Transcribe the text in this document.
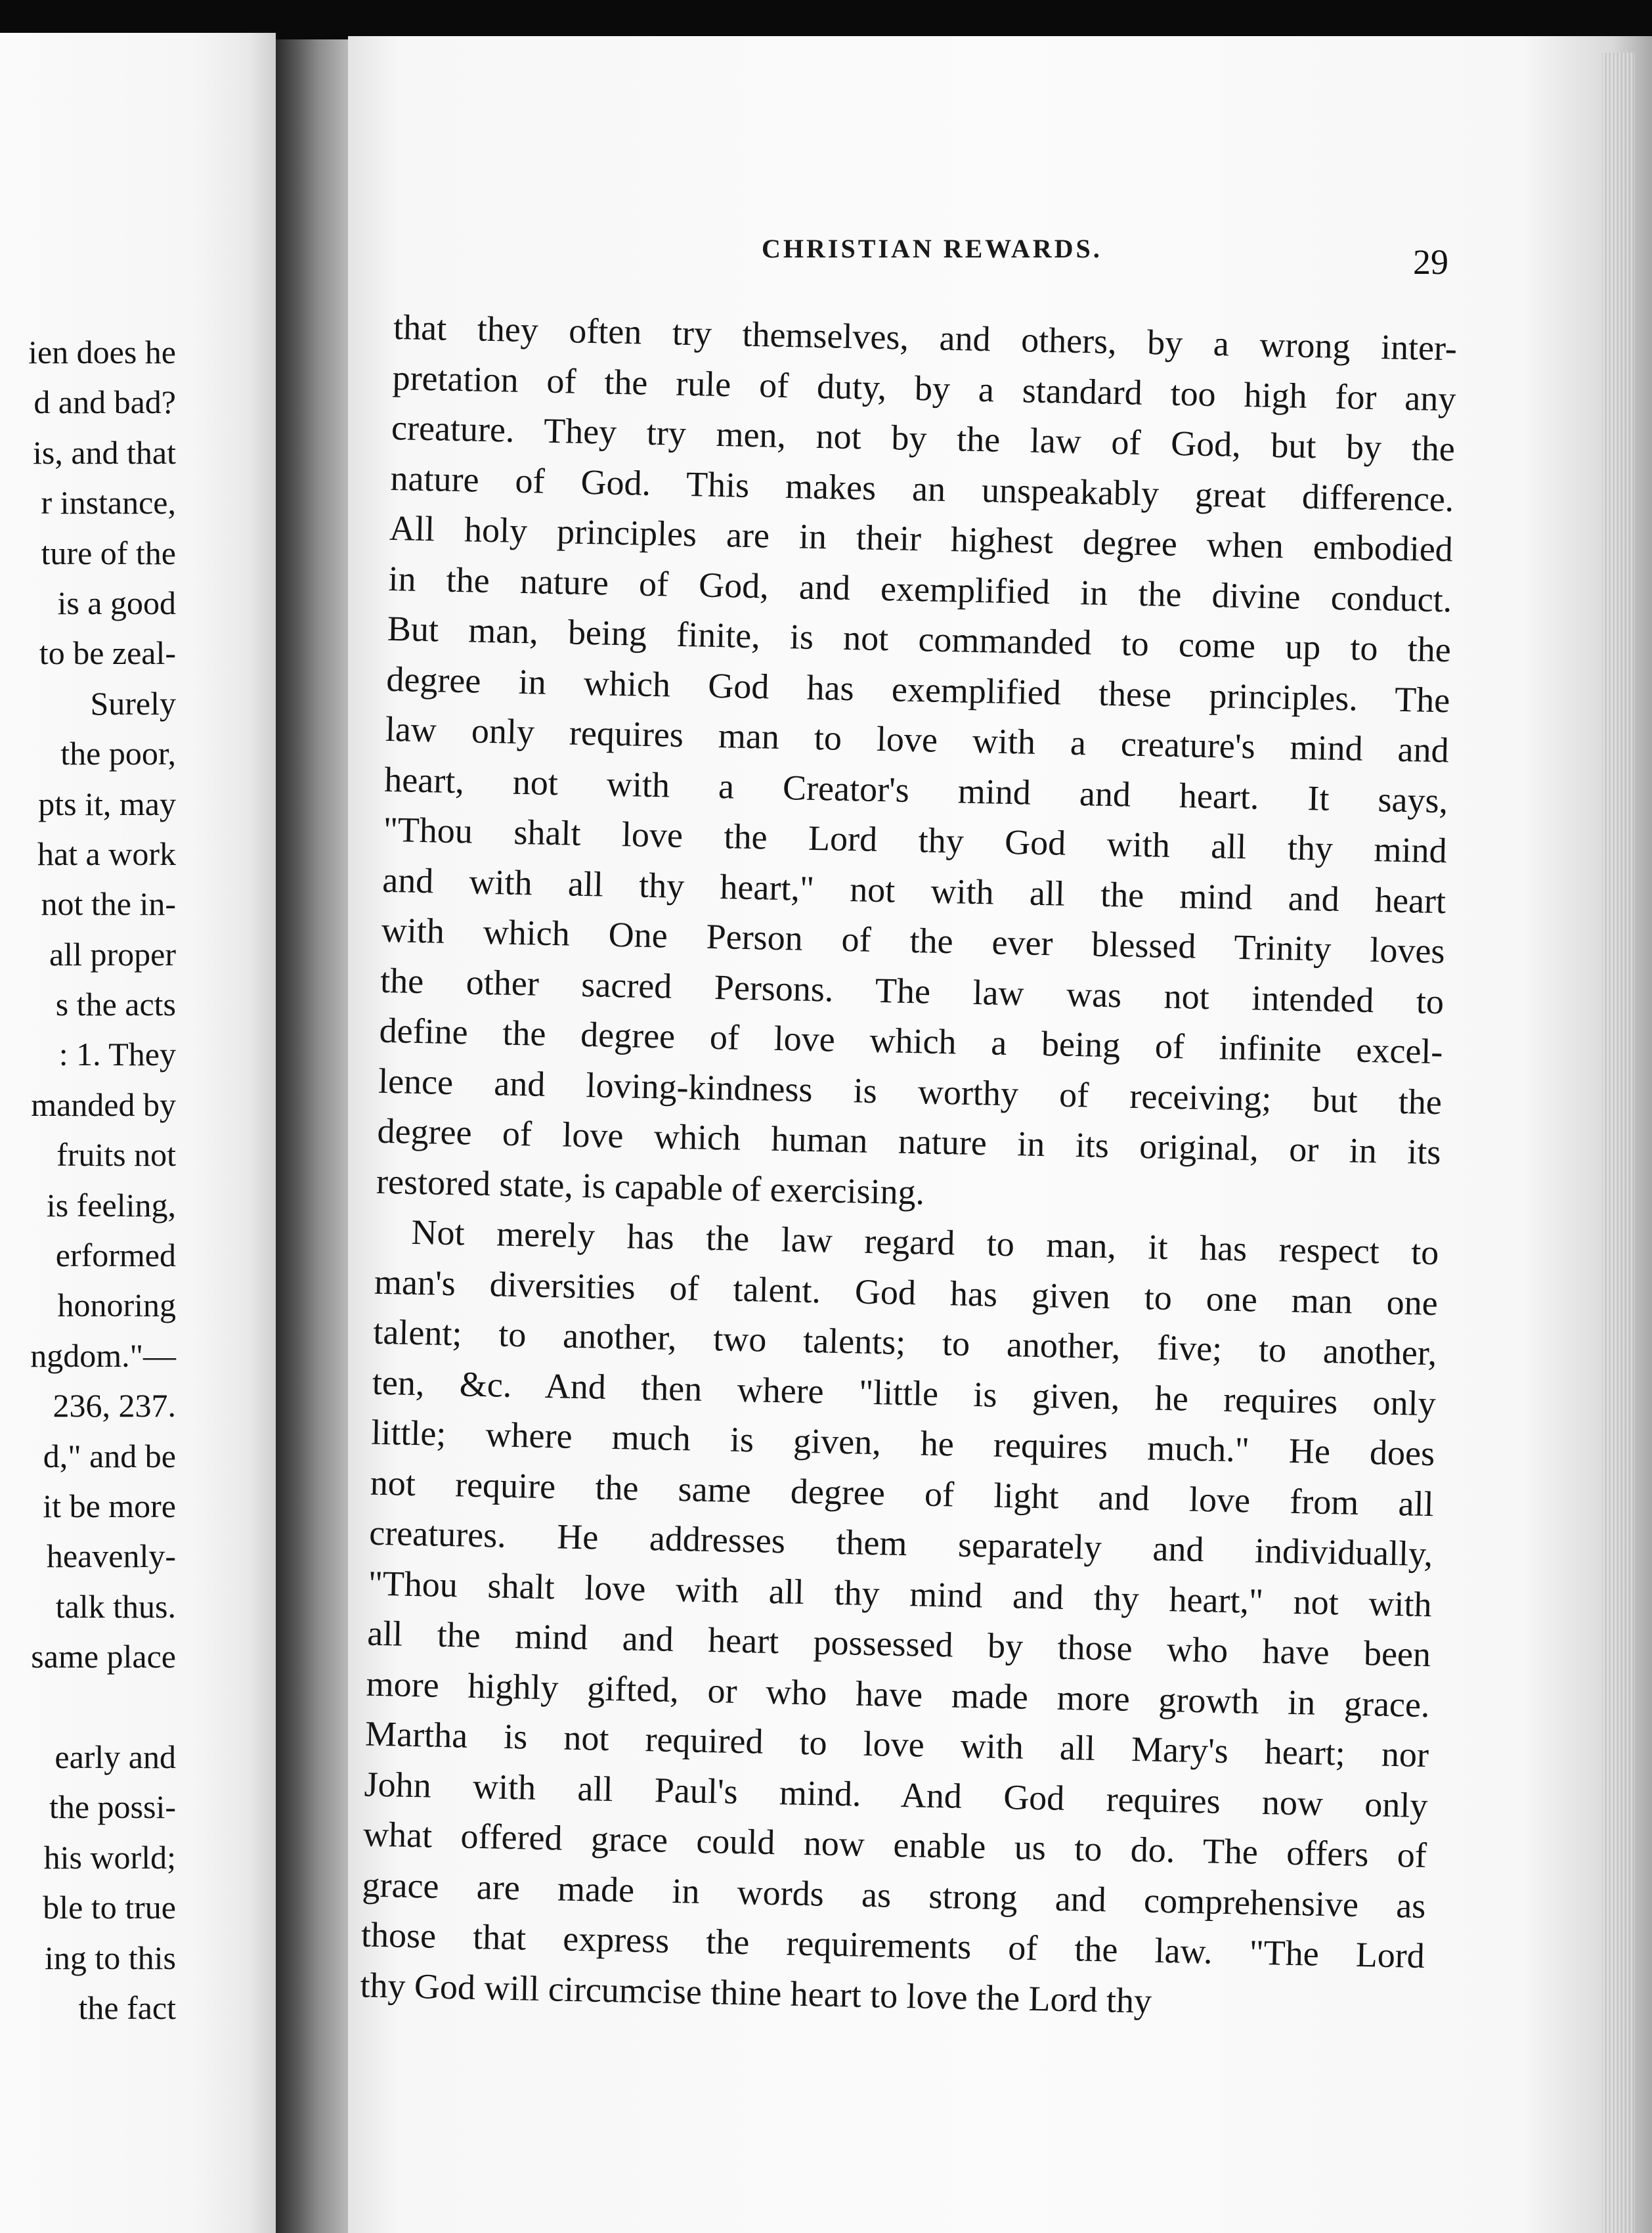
ien does he
d and bad?
is, and that
r instance,
ture of the
is a good
to be zeal-
Surely
the poor,
pts it, may
hat a work
not the in-
all proper
s the acts
: 1. They
manded by
fruits not
is feeling,
erformed
honoring
ngdom."—
236, 237.
d," and be
it be more
heavenly-
talk thus.
same place
early and
the possi-
his world;
ble to true
ing to this
the fact
CHRISTIAN REWARDS.	29
that they often try themselves, and others, by a wrong inter-
pretation of the rule of duty, by a standard too high for any
creature. They try men, not by the law of God, but by the
nature of God. This makes an unspeakably great difference.
All holy principles are in their highest degree when embodied
in the nature of God, and exemplified in the divine conduct.
But man, being finite, is not commanded to come up to the
degree in which God has exemplified these principles. The
law only requires man to love with a creature's mind and
heart, not with a Creator's mind and heart. It says,
"Thou shalt love the Lord thy God with all thy mind
and with all thy heart," not with all the mind and heart
with which One Person of the ever blessed Trinity loves
the other sacred Persons. The law was not intended to
define the degree of love which a being of infinite excel-
lence and loving-kindness is worthy of receiving; but the
degree of love which human nature in its original, or in its
restored state, is capable of exercising.
Not merely has the law regard to man, it has respect to
man's diversities of talent. God has given to one man one
talent; to another, two talents; to another, five; to another,
ten, &c. And then where "little is given, he requires only
little; where much is given, he requires much." He does
not require the same degree of light and love from all
creatures. He addresses them separately and individually,
"Thou shalt love with all thy mind and thy heart," not with
all the mind and heart possessed by those who have been
more highly gifted, or who have made more growth in grace.
Martha is not required to love with all Mary's heart; nor
John with all Paul's mind. And God requires now only
what offered grace could now enable us to do. The offers of
grace are made in words as strong and comprehensive as
those that express the requirements of the law. "The Lord
thy God will circumcise thine heart to love the Lord thy
